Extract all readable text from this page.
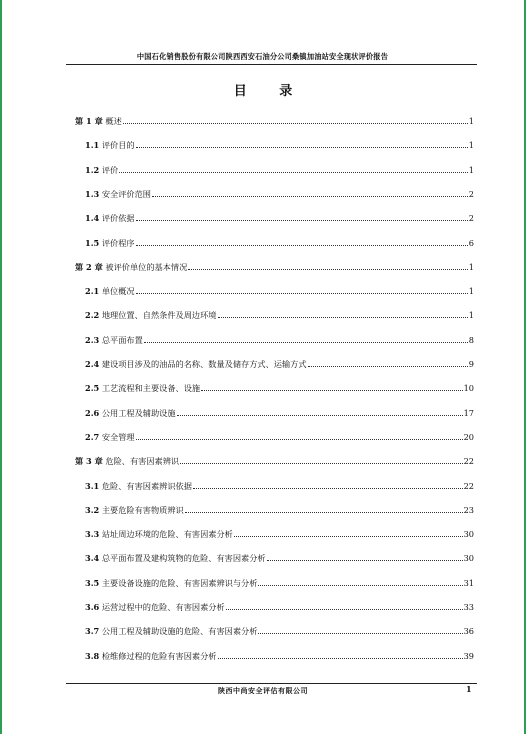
中国石化销售股份有限公司陕西西安石油分公司桑镇加油站安全现状评价报告
目 录
第 1 章 概述	1
1.1 评价目的	1
1.2 评价	1
1.3 安全评价范围	2
1.4 评价依据	2
1.5 评价程序	6
第 2 章 被评价单位的基本情况	1
2.1 单位概况	1
2.2 地理位置、自然条件及周边环境	1
2.3 总平面布置	8
2.4 建设项目涉及的油品的名称、数量及储存方式、运输方式	9
2.5 工艺流程和主要设备、设施	10
2.6 公用工程及辅助设施	17
2.7 安全管理	20
第 3 章 危险、有害因素辨识	22
3.1 危险、有害因素辨识依据	22
3.2 主要危险有害物质辨识	23
3.3 站址周边环境的危险、有害因素分析	30
3.4 总平面布置及建构筑物的危险、有害因素分析	30
3.5 主要设备设施的危险、有害因素辨识与分析	31
3.6 运营过程中的危险、有害因素分析	33
3.7 公用工程及辅助设施的危险、有害因素分析	36
3.8 检维修过程的危险有害因素分析	39
陕西中尚安全评估有限公司	1
